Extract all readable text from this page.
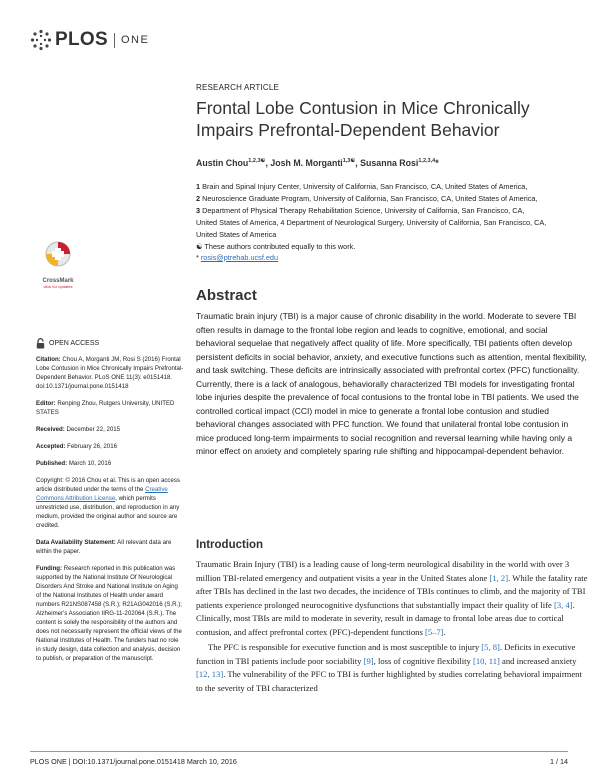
PLOS ONE
RESEARCH ARTICLE
Frontal Lobe Contusion in Mice Chronically Impairs Prefrontal-Dependent Behavior
Austin Chou$^{1,2,3☯}$, Josh M. Morganti$^{1,3☯}$, Susanna Rosi$^{1,2,3,4}$*
1 Brain and Spinal Injury Center, University of California, San Francisco, CA, United States of America,
2 Neuroscience Graduate Program, University of California, San Francisco, CA, United States of America,
3 Department of Physical Therapy Rehabilitation Science, University of California, San Francisco, CA,
United States of America, 4 Department of Neurological Surgery, University of California, San Francisco, CA,
United States of America
☯ These authors contributed equally to this work.
* rosis@ptrehab.ucsf.edu
CrossMark
click for updates
OPEN ACCESS
Citation: Chou A, Morganti JM, Rosi S (2016) Frontal Lobe Contusion in Mice Chronically Impairs Prefrontal-Dependent Behavior. PLoS ONE 11(3): e0151418. doi:10.1371/journal.pone.0151418
Editor: Renping Zhou, Rutgers University, UNITED STATES
Received: December 22, 2015
Accepted: February 26, 2016
Published: March 10, 2016
Copyright: © 2016 Chou et al. This is an open access article distributed under the terms of the Creative Commons Attribution License, which permits unrestricted use, distribution, and reproduction in any medium, provided the original author and source are credited.
Data Availability Statement: All relevant data are within the paper.
Funding: Research reported in this publication was supported by the National Institute Of Neurological Disorders And Stroke and National Institute on Aging of the National Institutes of Health under award numbers R21NS087458 (S.R.); R21AG042016 (S.R.); Alzheimer's Association IIRG-11-202064 (S.R.). The content is solely the responsibility of the authors and does not necessarily represent the official views of the National Institutes of Health. The funders had no role in study design, data collection and analysis, decision to publish, or preparation of the manuscript.
Abstract

Traumatic brain injury (TBI) is a major cause of chronic disability in the world. Moderate to severe TBI often results in damage to the frontal lobe region and leads to cognitive, emotional, and social behavioral sequelae that negatively affect quality of life. More specifically, TBI patients often develop persistent deficits in social behavior, anxiety, and executive functions such as attention, mental flexibility, and task switching. These deficits are intrinsically associated with prefrontal cortex (PFC) functionality. Currently, there is a lack of analogous, behaviorally characterized TBI models for investigating frontal lobe injuries despite the prevalence of focal contusions to the frontal lobe in TBI patients. We used the controlled cortical impact (CCI) model in mice to generate a frontal lobe contusion and studied behavioral changes associated with PFC function. We found that unilateral frontal lobe contusion in mice produced long-term impairments to social recognition and reversal learning while having only a minor effect on anxiety and completely sparing rule shifting and hippocampal-dependent behavior.

Introduction

Traumatic Brain Injury (TBI) is a leading cause of long-term neurological disability in the world with over 3 million TBI-related emergency and outpatient visits a year in the United States alone [1, 2]. While the fatality rate after TBIs has declined in the last two decades, the incidence of TBIs continues to climb, and the majority of TBI patients experience prolonged neurocognitive dysfunctions that substantially impact their quality of life [3, 4]. Clinically, most TBIs are mild to moderate in severity, result in damage to frontal lobe areas due to cortical contusion, and affect prefrontal cortex (PFC)-dependent functions [5–7].

The PFC is responsible for executive function and is most susceptible to injury [5, 8]. Deficits in executive function in TBI patients include poor sociability [9], loss of cognitive flexibility [10, 11] and increased anxiety [12, 13]. The vulnerability of the PFC to TBI is further highlighted by studies correlating behavioral impairment to the severity of TBI characterized

PLOS ONE | DOI:10.1371/journal.pone.0151418 March 10, 2016	1 / 14
